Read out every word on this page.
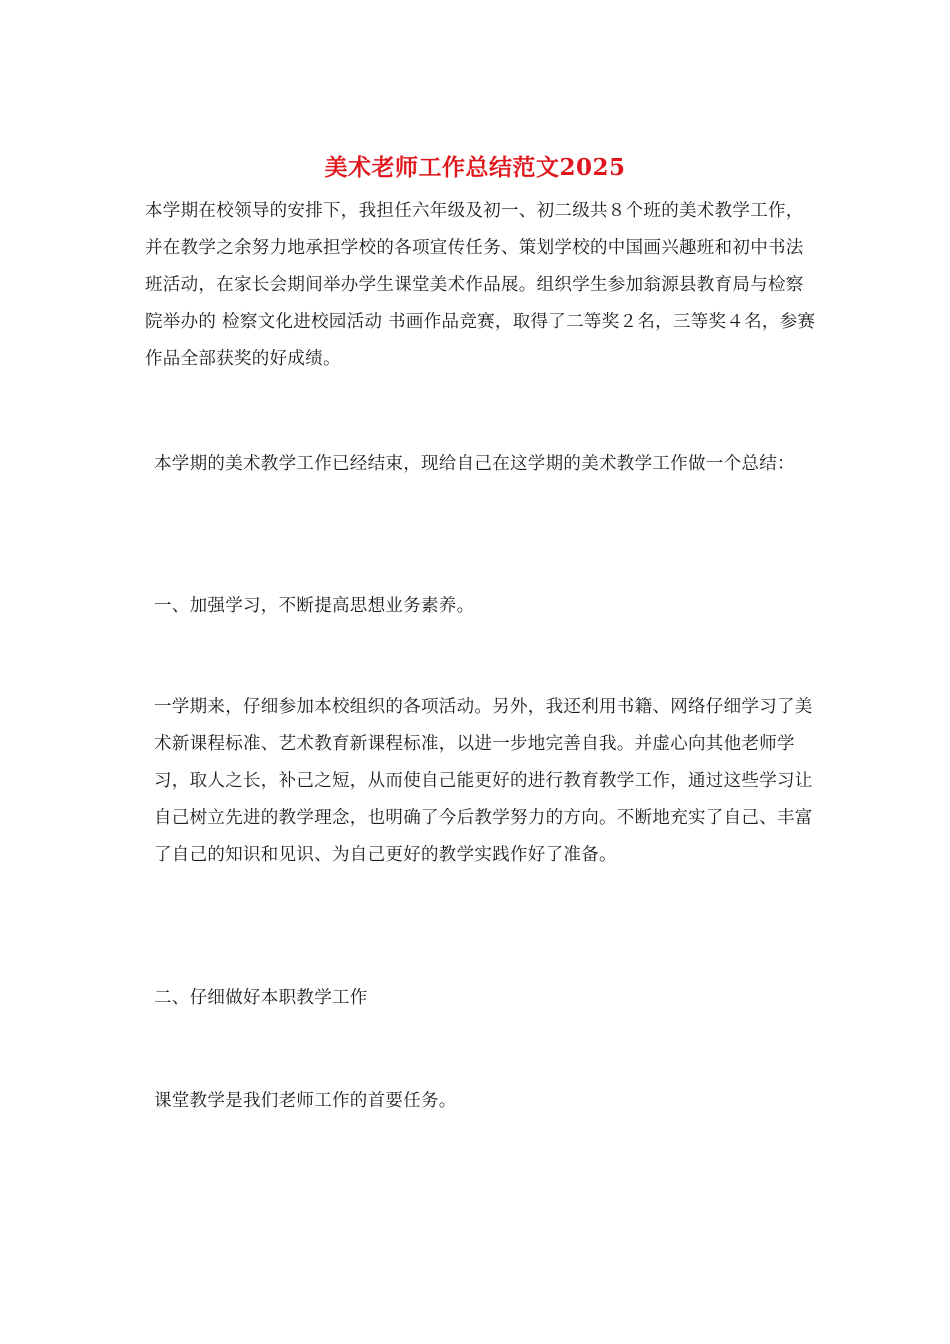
美术老师工作总结范文2025

本学期在校领导的安排下，我担任六年级及初一、初二级共８个班的美术教学工作，并在教学之余努力地承担学校的各项宣传任务、策划学校的中国画兴趣班和初中书法班活动，在家长会期间举办学生课堂美术作品展。组织学生参加翁源县教育局与检察院举办的 检察文化进校园活动 书画作品竞赛，取得了二等奖２名，三等奖４名，参赛作品全部获奖的好成绩。

本学期的美术教学工作已经结束，现给自己在这学期的美术教学工作做一个总结：

一、加强学习，不断提高思想业务素养。

一学期来，仔细参加本校组织的各项活动。另外，我还利用书籍、网络仔细学习了美术新课程标准、艺术教育新课程标准，以进一步地完善自我。并虚心向其他老师学习，取人之长，补己之短，从而使自己能更好的进行教育教学工作，通过这些学习让自己树立先进的教学理念，也明确了今后教学努力的方向。不断地充实了自己、丰富了自己的知识和见识、为自己更好的教学实践作好了准备。

二、仔细做好本职教学工作

课堂教学是我们老师工作的首要任务。
